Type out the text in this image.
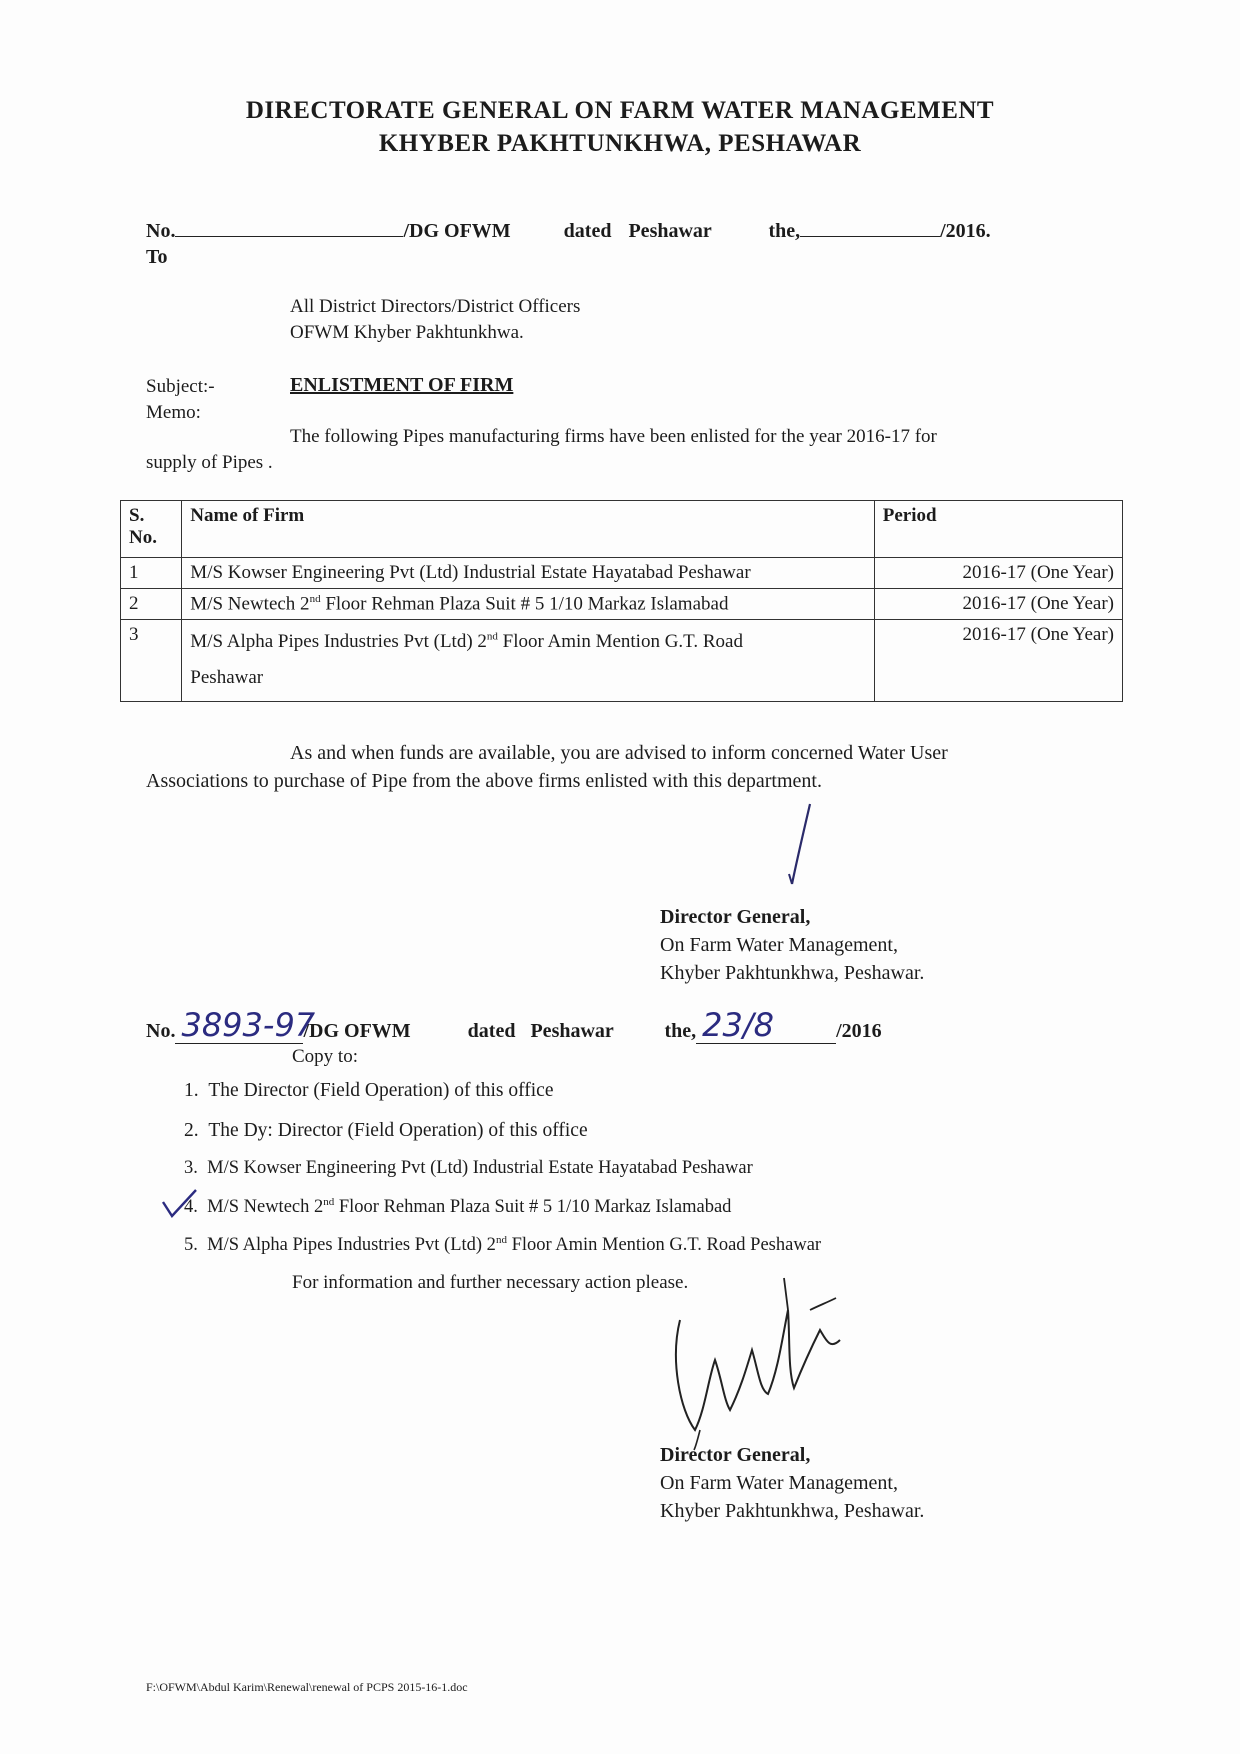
DIRECTORATE GENERAL ON FARM WATER MANAGEMENT
KHYBER PAKHTUNKHWA, PESHAWAR
No.	/DG OFWM	dated Peshawar	the,	/2016.
To
All District Directors/District Officers
OFWM Khyber Pakhtunkhwa.
Subject:-	ENLISTMENT OF FIRM
Memo:
The following Pipes manufacturing firms have been enlisted for the year 2016-17 for
supply of Pipes .
S.
No.	Name of Firm	Period
1	M/S Kowser Engineering Pvt (Ltd) Industrial Estate Hayatabad Peshawar	2016-17 (One Year)
2	M/S Newtech 2nd Floor Rehman Plaza Suit # 5 1/10 Markaz Islamabad	2016-17 (One Year)
3	M/S Alpha Pipes Industries Pvt (Ltd) 2nd Floor Amin Mention G.T. Road
Peshawar	2016-17 (One Year)
As and when funds are available, you are advised to inform concerned Water User
Associations to purchase of Pipe from the above firms enlisted with this department.
Director General,
On Farm Water Management,
Khyber Pakhtunkhwa, Peshawar.
No. 3893-97
/DG OFWM	dated Peshawar	the, 23/8	/2016
Copy to:
1. The Director (Field Operation) of this office
2. The Dy: Director (Field Operation) of this office
3. M/S Kowser Engineering Pvt (Ltd) Industrial Estate Hayatabad Peshawar
4. M/S Newtech 2nd Floor Rehman Plaza Suit # 5 1/10 Markaz Islamabad
5. M/S Alpha Pipes Industries Pvt (Ltd) 2nd Floor Amin Mention G.T. Road Peshawar
For information and further necessary action please.
Director General,
On Farm Water Management,
Khyber Pakhtunkhwa, Peshawar.
F:\OFWM\Abdul Karim\Renewal\renewal of PCPS 2015-16-1.doc
